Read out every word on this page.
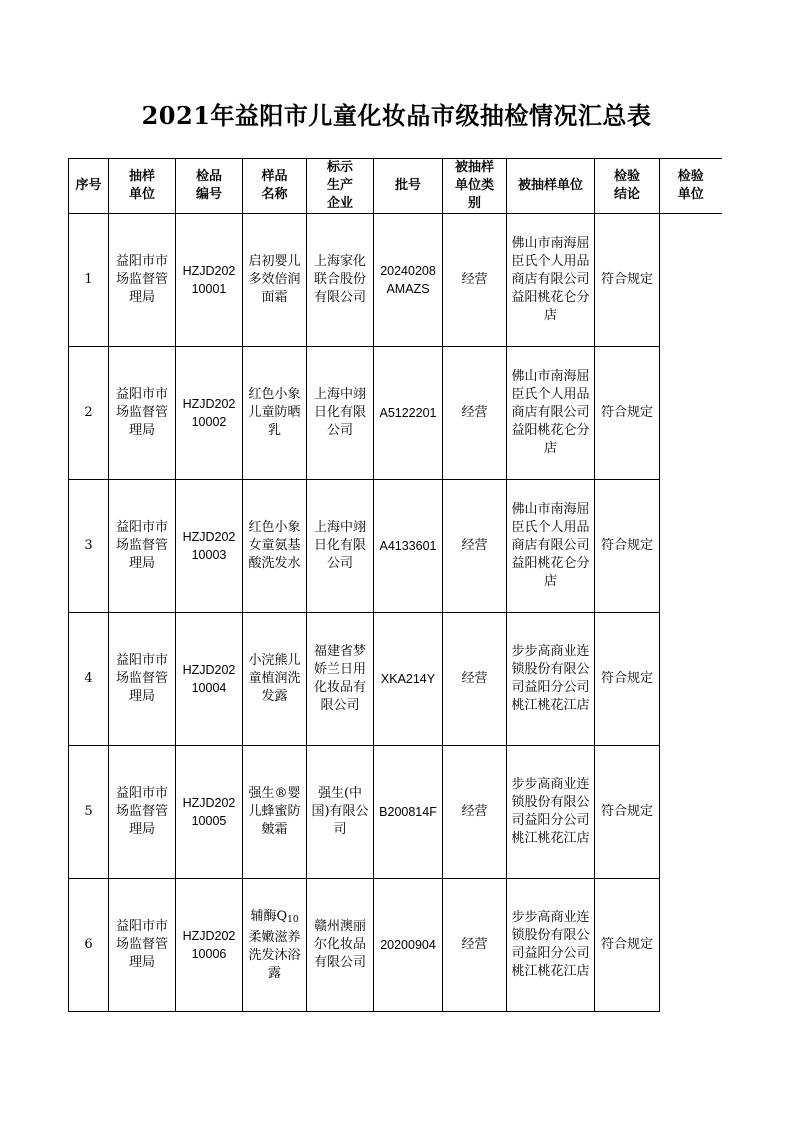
2021年益阳市儿童化妆品市级抽检情况汇总表
序号	抽样单位	检品编号	样品名称	标示生产企业	批号	被抽样单位类别	被抽样单位	检验结论	检验单位
1	益阳市市场监督管理局	HZJD20210001	启初婴儿多效倍润面霜	上海家化联合股份有限公司	20240208AMAZS	经营	佛山市南海屈臣氏个人用品商店有限公司益阳桃花仑分店	符合规定	
2	益阳市市场监督管理局	HZJD20210002	红色小象儿童防晒乳	上海中翊日化有限公司	A5122201	经营	佛山市南海屈臣氏个人用品商店有限公司益阳桃花仑分店	符合规定	
3	益阳市市场监督管理局	HZJD20210003	红色小象女童氨基酸洗发水	上海中翊日化有限公司	A4133601	经营	佛山市南海屈臣氏个人用品商店有限公司益阳桃花仑分店	符合规定	
4	益阳市市场监督管理局	HZJD20210004	小浣熊儿童植润洗发露	福建省梦娇兰日用化妆品有限公司	XKA214Y	经营	步步高商业连锁股份有限公司益阳分公司桃江桃花江店	符合规定	
5	益阳市市场监督管理局	HZJD20210005	强生®婴儿蜂蜜防皴霜	强生(中国)有限公司	B200814F	经营	步步高商业连锁股份有限公司益阳分公司桃江桃花江店	符合规定	
6	益阳市市场监督管理局	HZJD20210006	辅酶$Q_{10}$柔嫩滋养洗发沐浴露	赣州澳丽尔化妆品有限公司	20200904	经营	步步高商业连锁股份有限公司益阳分公司桃江桃花江店	符合规定	
